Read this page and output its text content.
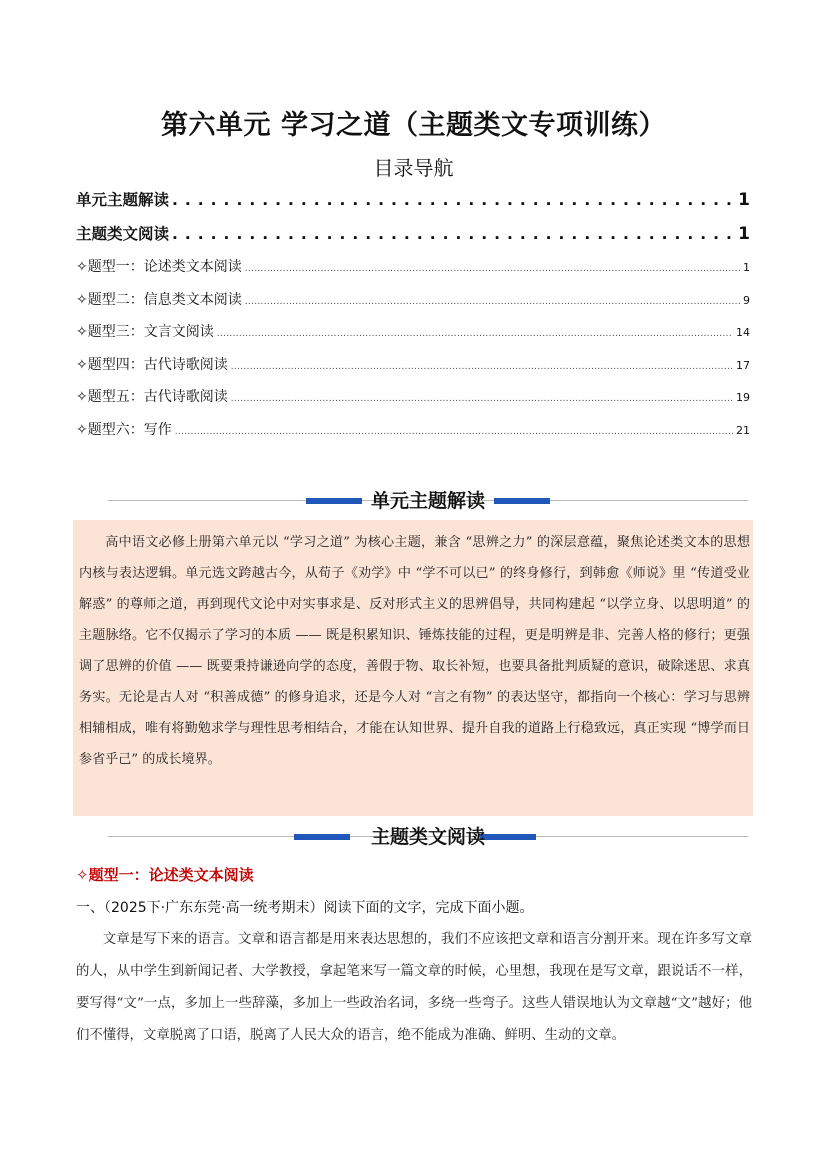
第六单元 学习之道（主题类文专项训练）
目录导航
单元主题解读 . . .	1
主题类文阅读 . . .	1
✧题型一：论述类文本阅读 .....	1
✧题型二：信息类文本阅读 .....	9
✧题型三：文言文阅读 .....	14
✧题型四：古代诗歌阅读 .....	17
✧题型五：古代诗歌阅读 .....	19
✧题型六：写作 .....	21
单元主题解读
高中语文必修上册第六单元以 “学习之道” 为核心主题，兼含 “思辨之力” 的深层意蕴，聚焦论述类文本的思想内核与表达逻辑。单元选文跨越古今，从荀子《劝学》中 “学不可以已” 的终身修行，到韩愈《师说》里 “传道受业解惑” 的尊师之道，再到现代文论中对实事求是、反对形式主义的思辨倡导，共同构建起 “以学立身、以思明道” 的主题脉络。它不仅揭示了学习的本质 —— 既是积累知识、锤炼技能的过程，更是明辨是非、完善人格的修行；更强调了思辨的价值 —— 既要秉持谦逊向学的态度，善假于物、取长补短，也要具备批判质疑的意识，破除迷思、求真务实。无论是古人对 “积善成德” 的修身追求，还是今人对 “言之有物” 的表达坚守，都指向一个核心：学习与思辨相辅相成，唯有将勤勉求学与理性思考相结合，才能在认知世界、提升自我的道路上行稳致远，真正实现 “博学而日参省乎己” 的成长境界。
主题类文阅读
✧题型一：论述类文本阅读
一、（2025下·广东东莞·高一统考期末）阅读下面的文字，完成下面小题。
文章是写下来的语言。文章和语言都是用来表达思想的，我们不应该把文章和语言分割开来。现在许多写文章的人，从中学生到新闻记者、大学教授，拿起笔来写一篇文章的时候，心里想，我现在是写文章，跟说话不一样，要写得“文”一点，多加上一些辞藻，多加上一些政治名词，多绕一些弯子。这些人错误地认为文章越“文”越好；他们不懂得，文章脱离了口语，脱离了人民大众的语言，绝不能成为准确、鲜明、生动的文章。
